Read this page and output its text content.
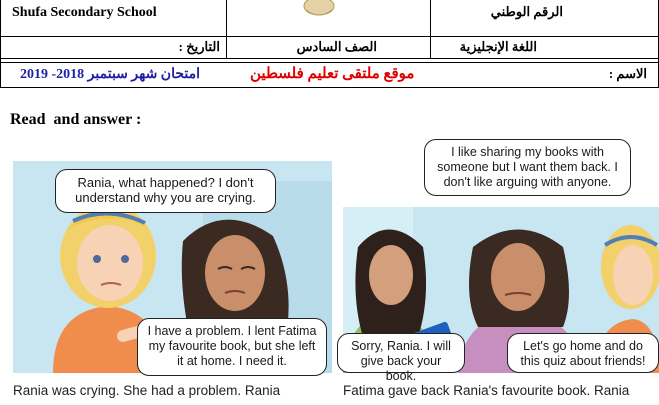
Shufa Secondary School	الرقم الوطني
التاريخ :	الصف السادس	اللغة الإنجليزية
امتحان شهر سبتمبر 2018- 2019	موقع ملتقى تعليم فلسطين	الاسم :
Read  and answer :
Rania, what happened? I don't understand why you are crying.
I have a problem. I lent Fatima my favourite book, but she left it at home. I need it.
Rania was crying. She had a problem. Rania
I like sharing my books with someone but I want them back. I don't like arguing with anyone.
Sorry, Rania. I will give back your book.
Let's go home and do this quiz about friends!
Fatima gave back Rania's favourite book. Rania
